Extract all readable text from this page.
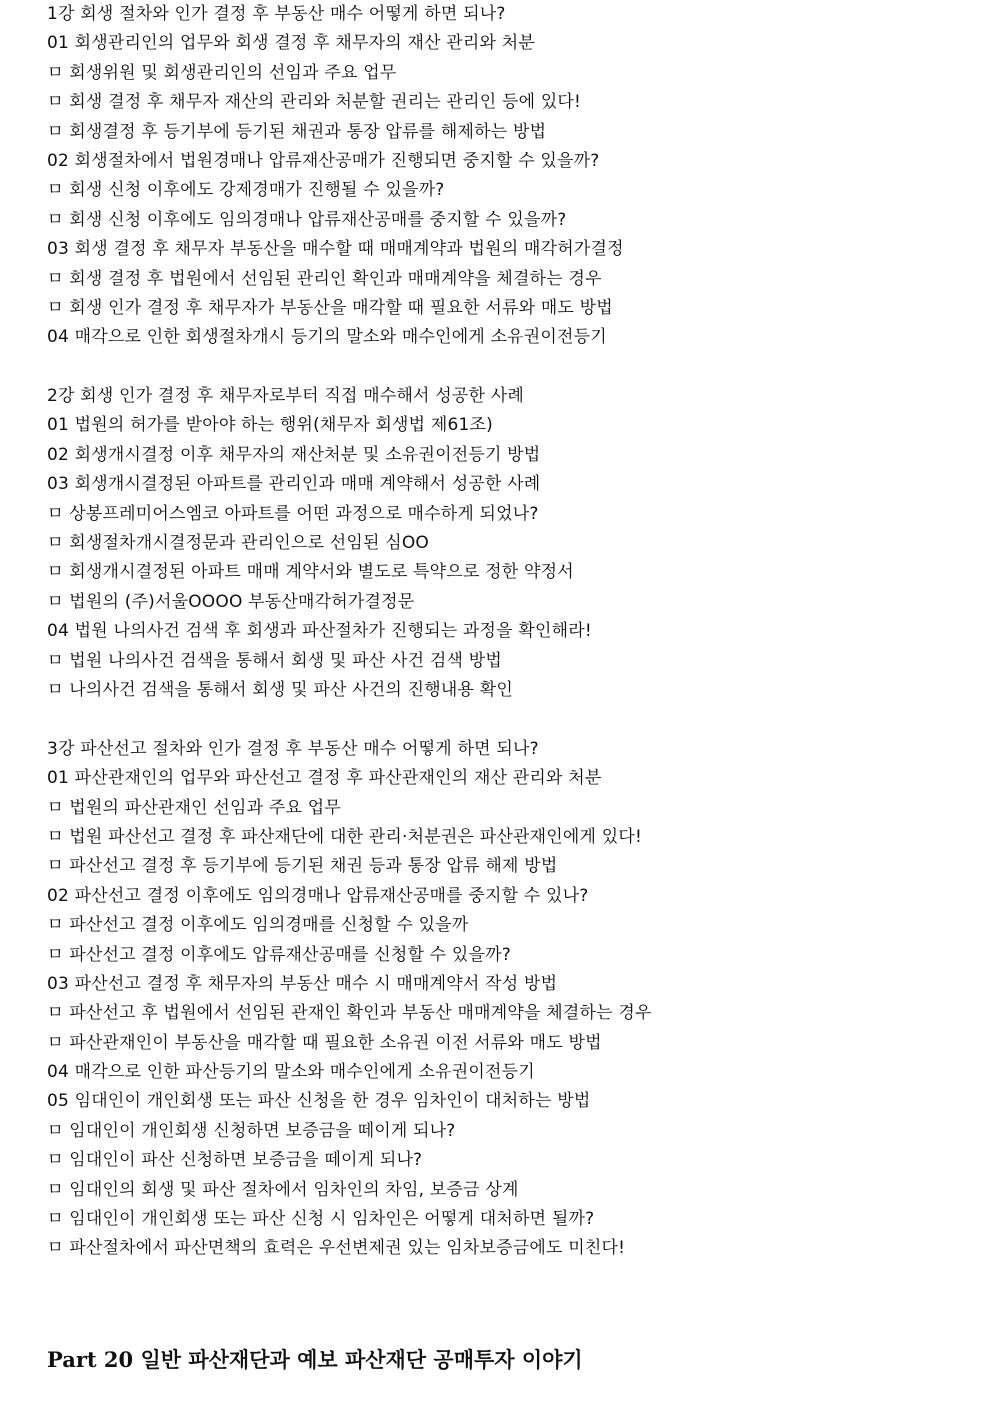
1강 회생 절차와 인가 결정 후 부동산 매수 어떻게 하면 되나?
01 회생관리인의 업무와 회생 결정 후 채무자의 재산 관리와 처분
ㅁ 회생위원 및 회생관리인의 선임과 주요 업무
ㅁ 회생 결정 후 채무자 재산의 관리와 처분할 권리는 관리인 등에 있다!
ㅁ 회생결정 후 등기부에 등기된 채권과 통장 압류를 해제하는 방법
02 회생절차에서 법원경매나 압류재산공매가 진행되면 중지할 수 있을까?
ㅁ 회생 신청 이후에도 강제경매가 진행될 수 있을까?
ㅁ 회생 신청 이후에도 임의경매나 압류재산공매를 중지할 수 있을까?
03 회생 결정 후 채무자 부동산을 매수할 때 매매계약과 법원의 매각허가결정
ㅁ 회생 결정 후 법원에서 선임된 관리인 확인과 매매계약을 체결하는 경우
ㅁ 회생 인가 결정 후 채무자가 부동산을 매각할 때 필요한 서류와 매도 방법
04 매각으로 인한 회생절차개시 등기의 말소와 매수인에게 소유권이전등기
2강 회생 인가 결정 후 채무자로부터 직접 매수해서 성공한 사례
01 법원의 허가를 받아야 하는 행위(채무자 회생법 제61조)
02 회생개시결정 이후 채무자의 재산처분 및 소유권이전등기 방법
03 회생개시결정된 아파트를 관리인과 매매 계약해서 성공한 사례
ㅁ 상봉프레미어스엠코 아파트를 어떤 과정으로 매수하게 되었나?
ㅁ 회생절차개시결정문과 관리인으로 선임된 심OO
ㅁ 회생개시결정된 아파트 매매 계약서와 별도로 특약으로 정한 약정서
ㅁ 법원의 (주)서울OOOO 부동산매각허가결정문
04 법원 나의사건 검색 후 회생과 파산절차가 진행되는 과정을 확인해라!
ㅁ 법원 나의사건 검색을 통해서 회생 및 파산 사건 검색 방법
ㅁ 나의사건 검색을 통해서 회생 및 파산 사건의 진행내용 확인
3강 파산선고 절차와 인가 결정 후 부동산 매수 어떻게 하면 되나?
01 파산관재인의 업무와 파산선고 결정 후 파산관재인의 재산 관리와 처분
ㅁ 법원의 파산관재인 선임과 주요 업무
ㅁ 법원 파산선고 결정 후 파산재단에 대한 관리·처분권은 파산관재인에게 있다!
ㅁ 파산선고 결정 후 등기부에 등기된 채권 등과 통장 압류 해제 방법
02 파산선고 결정 이후에도 임의경매나 압류재산공매를 중지할 수 있나?
ㅁ 파산선고 결정 이후에도 임의경매를 신청할 수 있을까
ㅁ 파산선고 결정 이후에도 압류재산공매를 신청할 수 있을까?
03 파산선고 결정 후 채무자의 부동산 매수 시 매매계약서 작성 방법
ㅁ 파산선고 후 법원에서 선임된 관재인 확인과 부동산 매매계약을 체결하는 경우
ㅁ 파산관재인이 부동산을 매각할 때 필요한 소유권 이전 서류와 매도 방법
04 매각으로 인한 파산등기의 말소와 매수인에게 소유권이전등기
05 임대인이 개인회생 또는 파산 신청을 한 경우 임차인이 대처하는 방법
ㅁ 임대인이 개인회생 신청하면 보증금을 떼이게 되나?
ㅁ 임대인이 파산 신청하면 보증금을 떼이게 되나?
ㅁ 임대인의 회생 및 파산 절차에서 임차인의 차임, 보증금 상계
ㅁ 임대인이 개인회생 또는 파산 신청 시 임차인은 어떻게 대처하면 될까?
ㅁ 파산절차에서 파산면책의 효력은 우선변제권 있는 임차보증금에도 미친다!
Part 20 일반 파산재단과 예보 파산재단 공매투자 이야기
